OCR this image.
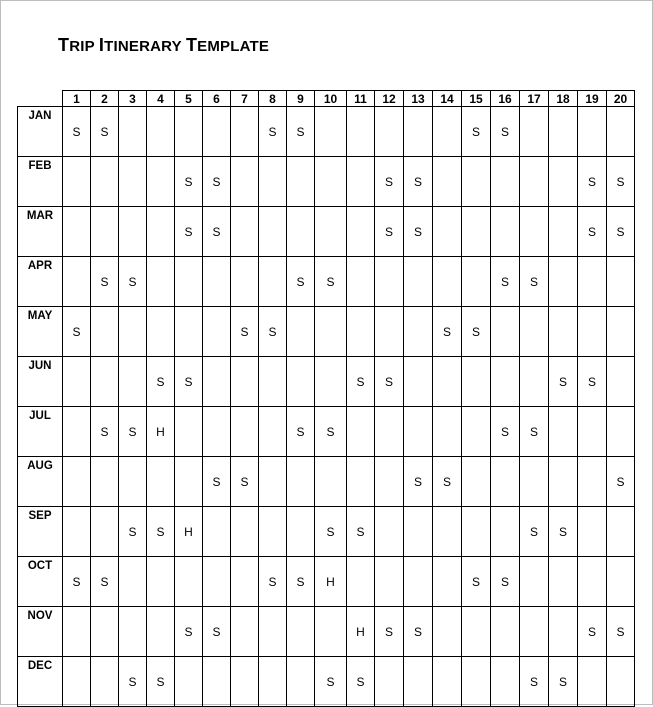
TRIP ITINERARY TEMPLATE
	1	2	3	4	5	6	7	8	9	10	11	12	13	14	15	16	17	18	19	20
JAN	S	S						S	S						S	S				
FEB					S	S						S	S						S	S
MAR					S	S						S	S						S	S
APR		S	S						S	S						S	S			
MAY	S						S	S						S	S					
JUN				S	S						S	S						S	S	
JUL		S	S	H					S	S						S	S			
AUG						S	S						S	S						S
SEP			S	S	H					S	S						S	S		
OCT	S	S						S	S	H					S	S				
NOV					S	S					H	S	S						S	S
DEC			S	S						S	S						S	S		
